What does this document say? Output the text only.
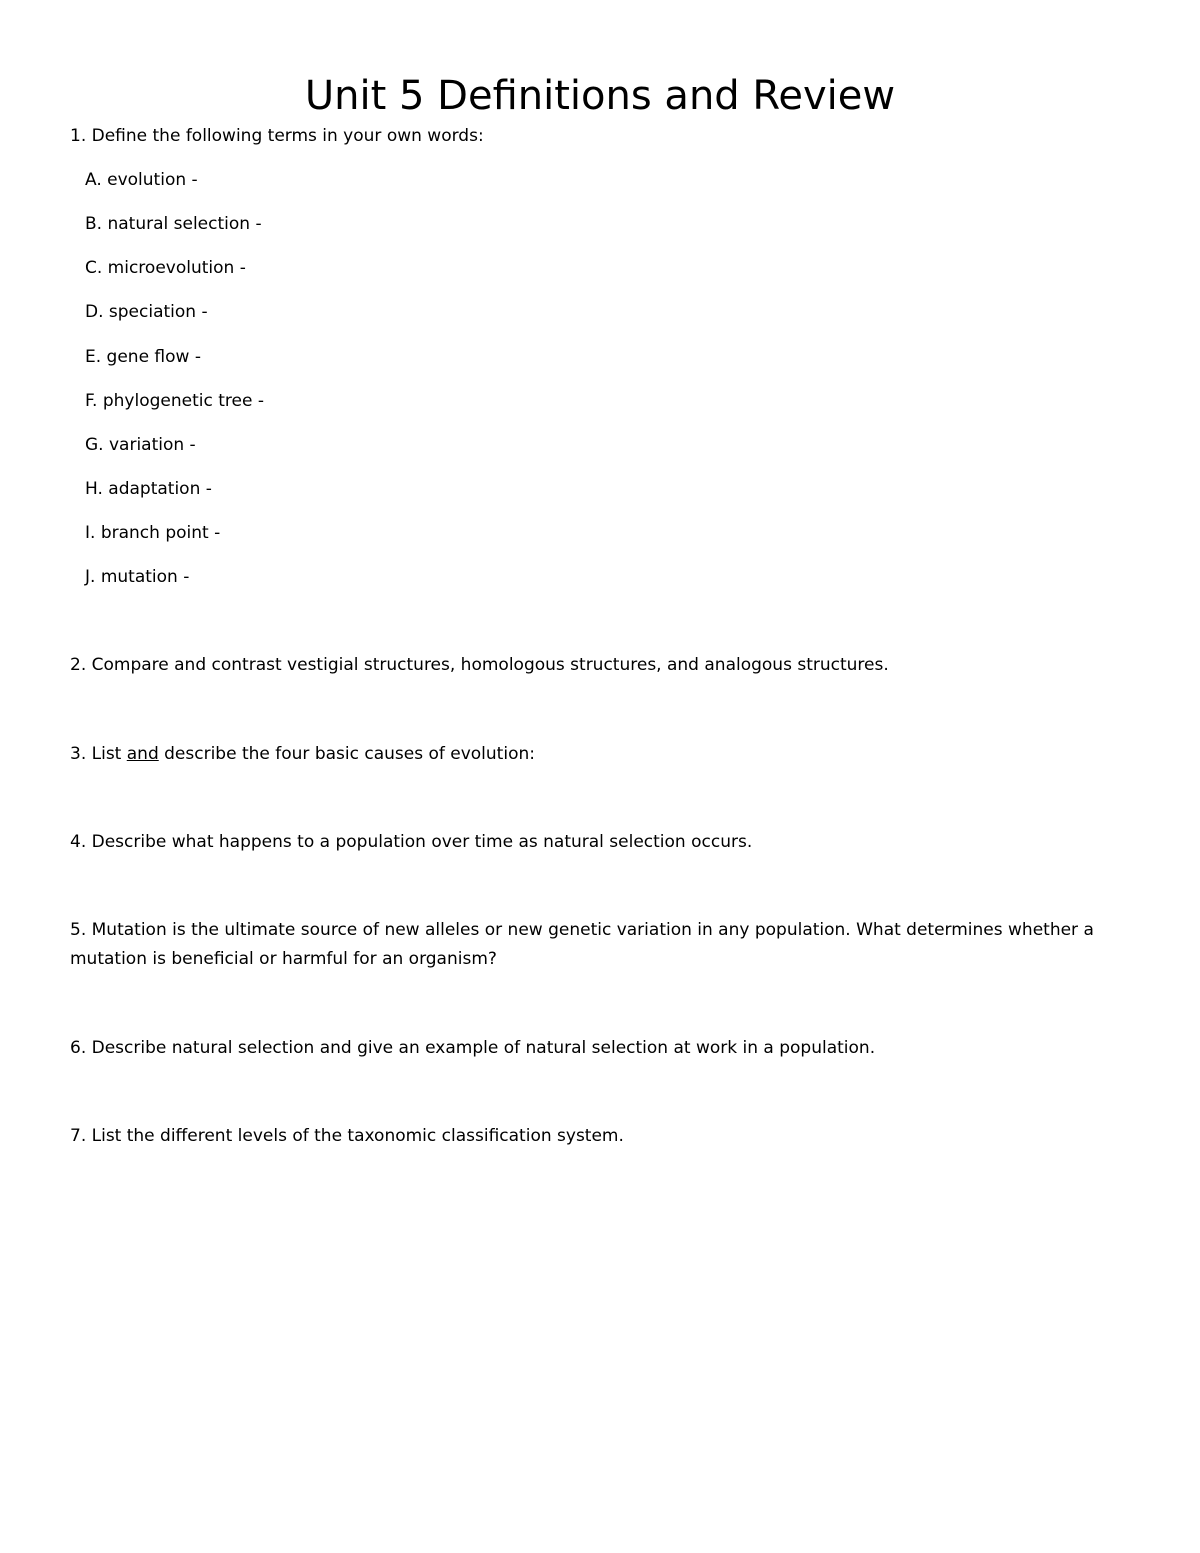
Unit 5 Definitions and Review
1. Define the following terms in your own words:
A. evolution -
B. natural selection -
C. microevolution -
D. speciation -
E. gene flow -
F. phylogenetic tree -
G. variation -
H. adaptation -
I. branch point -
J. mutation -
2. Compare and contrast vestigial structures, homologous structures, and analogous structures.
3. List and describe the four basic causes of evolution:
4. Describe what happens to a population over time as natural selection occurs.
5. Mutation is the ultimate source of new alleles or new genetic variation in any population. What determines whether a
mutation is beneficial or harmful for an organism?
6. Describe natural selection and give an example of natural selection at work in a population.
7. List the different levels of the taxonomic classification system.
